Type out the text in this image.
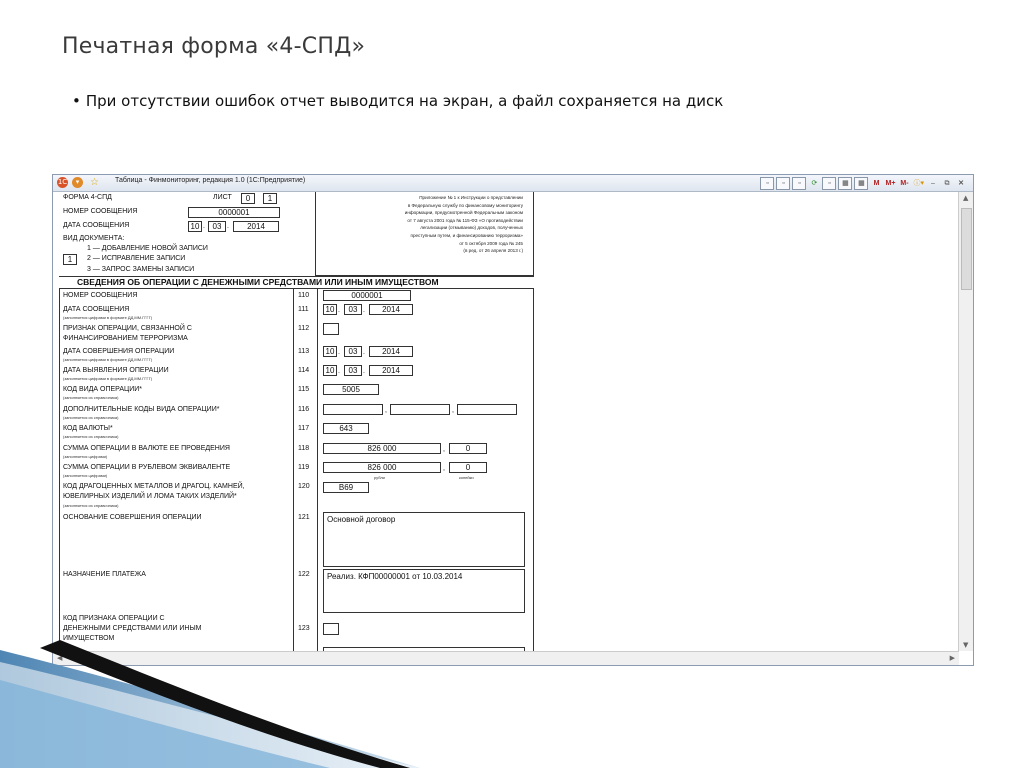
Печатная форма «4-СПД»
• При отсутствии ошибок отчет выводится на экран, а файл сохраняется на диск
1С	▾	☆ Таблица - Финмониторинг, редакция 1.0 (1С:Предприятие)	▫	▫	▫	⟳	▫	▦	▦	M M+ M- ⓘ▾	–	⧉	✕
ФОРМА 4-СПД	ЛИСТ	0	1
НОМЕР СООБЩЕНИЯ	0000001
ДАТА СООБЩЕНИЯ	10 . 03 .	2014
ВИД ДОКУМЕНТА:
1 — ДОБАВЛЕНИЕ НОВОЙ ЗАПИСИ
1	2 — ИСПРАВЛЕНИЕ ЗАПИСИ
3 — ЗАПРОС ЗАМЕНЫ ЗАПИСИ
Приложение № 1 к Инструкции о представлении
в Федеральную службу по финансовому мониторингу
информации, предусмотренной Федеральным законом
от 7 августа 2001 года № 115-ФЗ «О противодействии
легализации (отмыванию) доходов, полученных
преступным путем, и финансированию терроризма»
от 5 октября 2009 года № 245
(в ред. от 26 апреля 2013 г.)
СВЕДЕНИЯ ОБ ОПЕРАЦИИ С ДЕНЕЖНЫМИ СРЕДСТВАМИ ИЛИ ИНЫМ ИМУЩЕСТВОМ
НОМЕР СООБЩЕНИЯ	110	0000001
ДАТА СООБЩЕНИЯ
(заполняется цифрами в формате ДД.ММ.ГГГГ)
111	10 .	03 .	2014
ПРИЗНАК ОПЕРАЦИИ, СВЯЗАННОЙ С
ФИНАНСИРОВАНИЕМ ТЕРРОРИЗМА
112
ДАТА СОВЕРШЕНИЯ ОПЕРАЦИИ
(заполняется цифрами в формате ДД.ММ.ГГГГ)
113	10 .	03 .	2014
ДАТА ВЫЯВЛЕНИЯ ОПЕРАЦИИ
(заполняется цифрами в формате ДД.ММ.ГГГГ)
114	10 .	03 .	2014
КОД ВИДА ОПЕРАЦИИ*
(заполняется из справочника)
115	5005
ДОПОЛНИТЕЛЬНЫЕ КОДЫ ВИДА ОПЕРАЦИИ*
(заполняется из справочника)
116	,	,
КОД ВАЛЮТЫ*
(заполняется из справочника)
117	643
СУММА ОПЕРАЦИИ В ВАЛЮТЕ ЕЕ ПРОВЕДЕНИЯ
(заполняется цифрами)
118	826 000	,	0
СУММА ОПЕРАЦИИ В РУБЛЕВОМ ЭКВИВАЛЕНТЕ
(заполняется цифрами)
119	826 000	,	0
рубли	копейки
КОД ДРАГОЦЕННЫХ МЕТАЛЛОВ И ДРАГОЦ. КАМНЕЙ,
ЮВЕЛИРНЫХ ИЗДЕЛИЙ И ЛОМА ТАКИХ ИЗДЕЛИЙ*
(заполняется из справочника)
120	В69
ОСНОВАНИЕ СОВЕРШЕНИЯ ОПЕРАЦИИ	121	Основной договор
НАЗНАЧЕНИЕ ПЛАТЕЖА	122	Реализ. КФП00000001 от 10.03.2014
КОД ПРИЗНАКА ОПЕРАЦИИ С
ДЕНЕЖНЫМИ СРЕДСТВАМИ ИЛИ ИНЫМ
ИМУЩЕСТВОМ
123
▲
▼
◀	▶
